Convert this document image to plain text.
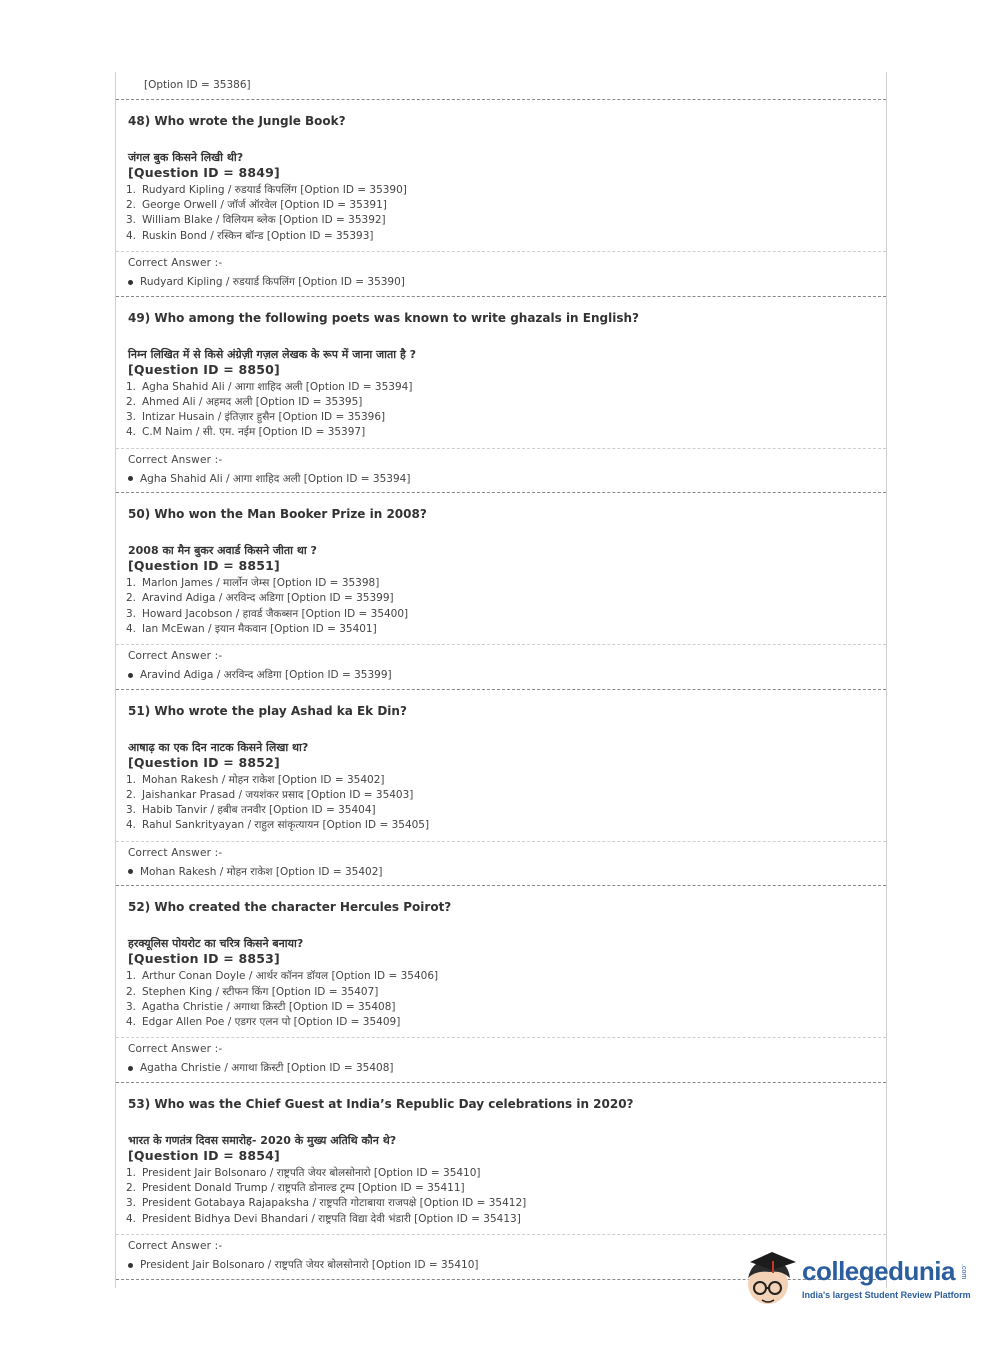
[Option ID = 35386]
48) Who wrote the Jungle Book?
जंगल बुक किसने लिखी थी?
[Question ID = 8849]
1. Rudyard Kipling / रुडयार्ड किपलिंग [Option ID = 35390]
2. George Orwell / जॉर्ज ऑरवेल [Option ID = 35391]
3. William Blake / विलियम ब्लेक [Option ID = 35392]
4. Ruskin Bond / रस्किन बॉन्ड [Option ID = 35393]
Correct Answer :-
Rudyard Kipling / रुडयार्ड किपलिंग [Option ID = 35390]
49) Who among the following poets was known to write ghazals in English?
निम्न लिखित में से किसे अंग्रेज़ी गज़ल लेखक के रूप में जाना जाता है ?
[Question ID = 8850]
1. Agha Shahid Ali / आगा शाहिद अली [Option ID = 35394]
2. Ahmed Ali / अहमद अली [Option ID = 35395]
3. Intizar Husain / इंतिज़ार हुसैन [Option ID = 35396]
4. C.M Naim / सी. एम. नईम [Option ID = 35397]
Correct Answer :-
Agha Shahid Ali / आगा शाहिद अली [Option ID = 35394]
50) Who won the Man Booker Prize in 2008?
2008 का मैन बुकर अवार्ड किसने जीता था ?
[Question ID = 8851]
1. Marlon James / मार्लोन जेम्स [Option ID = 35398]
2. Aravind Adiga / अरविन्द अडिगा [Option ID = 35399]
3. Howard Jacobson / हावर्ड जैकब्सन [Option ID = 35400]
4. Ian McEwan / इयान मैकवान [Option ID = 35401]
Correct Answer :-
Aravind Adiga / अरविन्द अडिगा [Option ID = 35399]
51) Who wrote the play Ashad ka Ek Din?
आषाढ़ का एक दिन नाटक किसने लिखा था?
[Question ID = 8852]
1. Mohan Rakesh / मोहन राकेश [Option ID = 35402]
2. Jaishankar Prasad / जयशंकर प्रसाद [Option ID = 35403]
3. Habib Tanvir / हबीब तनवीर [Option ID = 35404]
4. Rahul Sankrityayan / राहुल सांकृत्यायन [Option ID = 35405]
Correct Answer :-
Mohan Rakesh / मोहन राकेश [Option ID = 35402]
52) Who created the character Hercules Poirot?
हरक्यूलिस पोयरोट का चरित्र किसने बनाया?
[Question ID = 8853]
1. Arthur Conan Doyle / आर्थर कॉनन डॉयल [Option ID = 35406]
2. Stephen King / स्टीफन किंग [Option ID = 35407]
3. Agatha Christie / अगाथा क्रिस्टी [Option ID = 35408]
4. Edgar Allen Poe / एडगर एलन पो [Option ID = 35409]
Correct Answer :-
Agatha Christie / अगाथा क्रिस्टी [Option ID = 35408]
53) Who was the Chief Guest at India’s Republic Day celebrations in 2020?
भारत के गणतंत्र दिवस समारोह- 2020 के मुख्य अतिथि कौन थे?
[Question ID = 8854]
1. President Jair Bolsonaro / राष्ट्रपति जेयर बोलसोनारो [Option ID = 35410]
2. President Donald Trump / राष्ट्रपति डोनाल्ड ट्रम्प [Option ID = 35411]
3. President Gotabaya Rajapaksha / राष्ट्रपति गोटाबाया राजपक्षे [Option ID = 35412]
4. President Bidhya Devi Bhandari / राष्ट्रपति विद्या देवी भंडारी [Option ID = 35413]
Correct Answer :-
President Jair Bolsonaro / राष्ट्रपति जेयर बोलसोनारो [Option ID = 35410]	collegedunia .com
India's largest Student Review Platform
